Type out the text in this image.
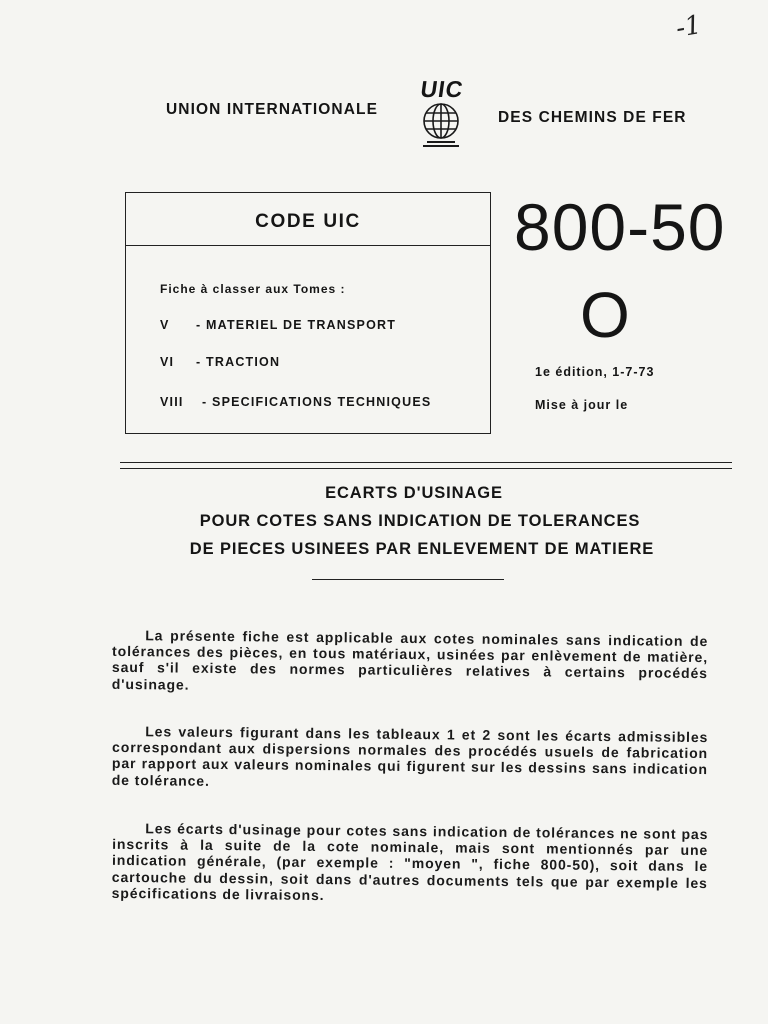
-1
UNION INTERNATIONALE
UIC
DES CHEMINS DE FER
CODE UIC
Fiche à classer aux Tomes :
V - MATERIEL DE TRANSPORT
VI - TRACTION
VIII - SPECIFICATIONS TECHNIQUES
800-50
O
1e édition, 1-7-73
Mise à jour le
ECARTS D'USINAGE
POUR COTES SANS INDICATION DE TOLERANCES
DE PIECES USINEES PAR ENLEVEMENT DE MATIERE

La présente fiche est applicable aux cotes nominales sans indication de tolérances des pièces, en tous matériaux, usinées par enlèvement de matière, sauf s'il existe des normes particulières relatives à certains procédés d'usinage.

Les valeurs figurant dans les tableaux 1 et 2 sont les écarts admissibles correspondant aux dispersions normales des procédés usuels de fabrication par rapport aux valeurs nominales qui figurent sur les dessins sans indication de tolérance.

Les écarts d'usinage pour cotes sans indication de tolérances ne sont pas inscrits à la suite de la cote nominale, mais sont mentionnés par une indication générale, (par exemple : "moyen ", fiche 800-50), soit dans le cartouche du dessin, soit dans d'autres documents tels que par exemple les spécifications de livraisons.
